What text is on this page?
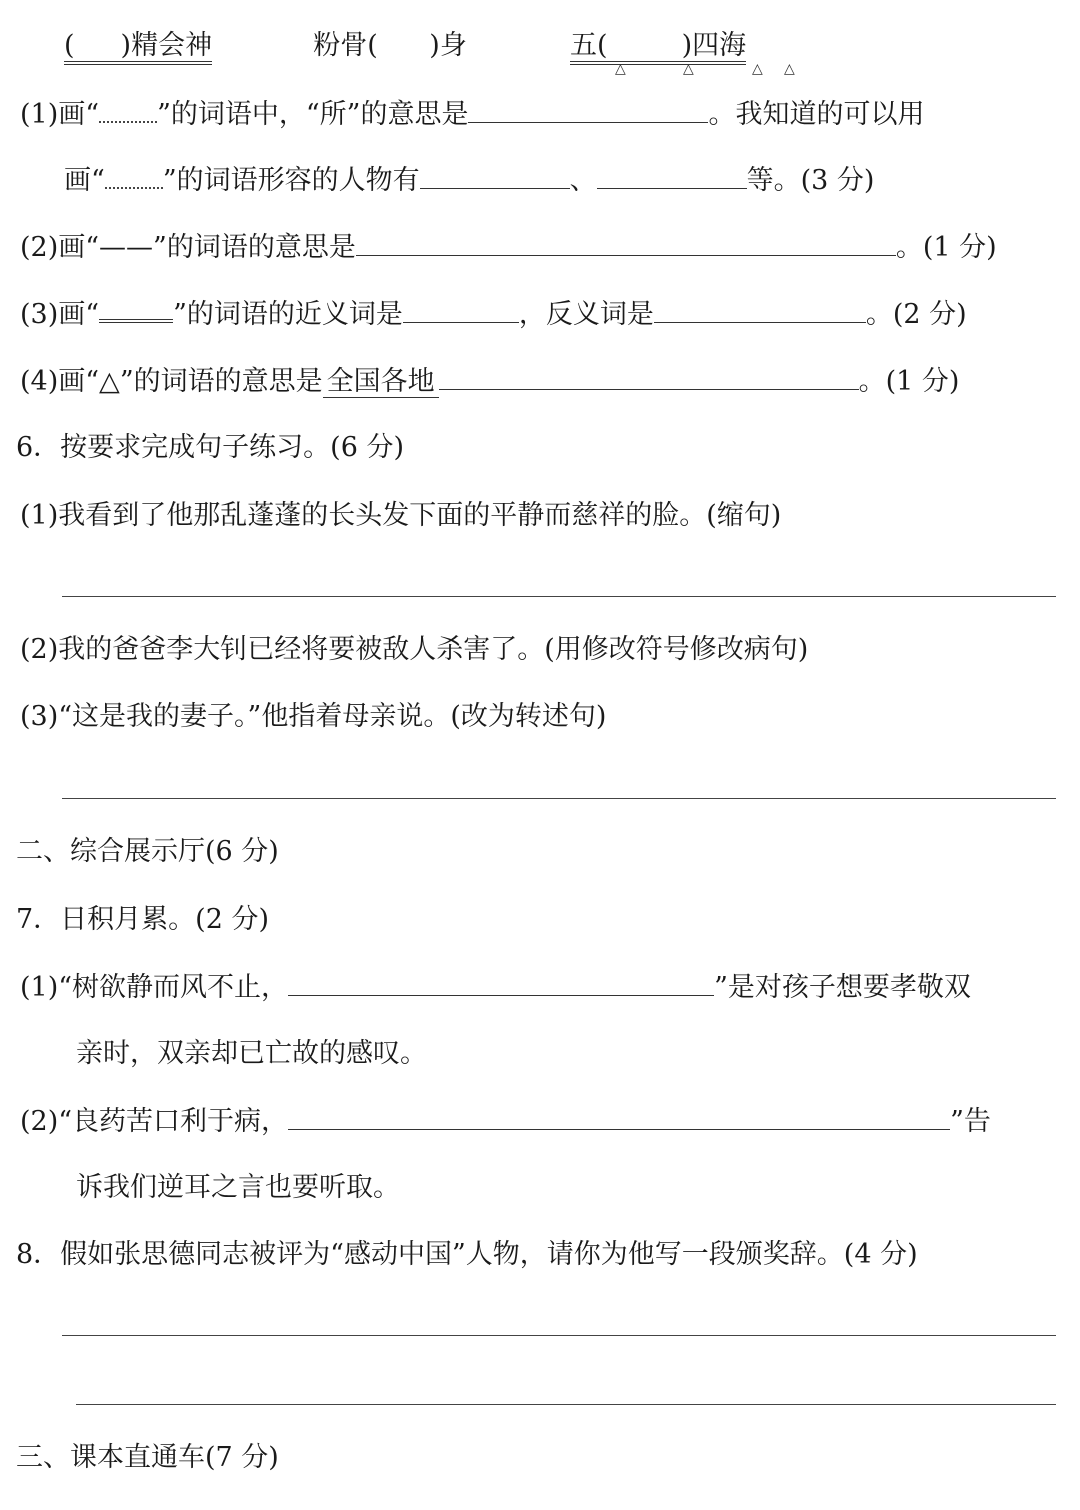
( )精会神	粉骨(      )身	五(	)四海
△	△	△ △
(1)画“ ”的词语中，“所”的意思是	。我知道的可以用
画“ ”的词语形容的人物有	、	等。(3 分)
(2)画“——”的词语的意思是	。(1 分)
(3)画“	”的词语的近义词是	，反义词是	。(2 分)
(4)画“△”的词语的意思是 全国各地	。(1 分)
6．按要求完成句子练习。(6 分)
(1)我看到了他那乱蓬蓬的长头发下面的平静而慈祥的脸。(缩句)
(2)我的爸爸李大钊已经将要被敌人杀害了。(用修改符号修改病句)
(3)“这是我的妻子。”他指着母亲说。(改为转述句)
二、综合展示厅(6 分)
7．日积月累。(2 分)
(1)“树欲静而风不止，	”是对孩子想要孝敬双
亲时，双亲却已亡故的感叹。
(2)“良药苦口利于病，	”告
诉我们逆耳之言也要听取。
8．假如张思德同志被评为“感动中国”人物，请你为他写一段颁奖辞。(4 分)
三、课本直通车(7 分)
